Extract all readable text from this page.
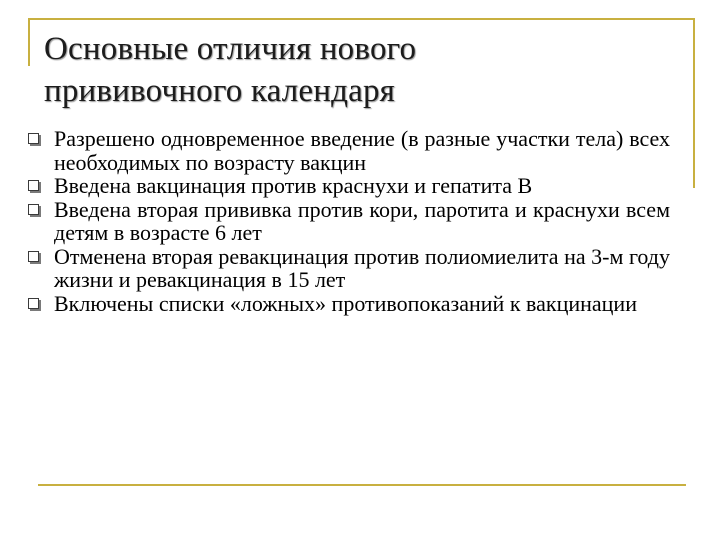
Основные отличия нового
прививочного календаря
Разрешено одновременное введение (в разные участки тела) всех необходимых по возрасту вакцин
Введена вакцинация против краснухи и гепатита В
Введена вторая прививка против кори, паротита и краснухи всем детям в возрасте 6 лет
Отменена вторая ревакцинация против полиомиелита на 3-м году жизни и ревакцинация в 15 лет
Включены списки «ложных» противопоказаний к вакцинации
